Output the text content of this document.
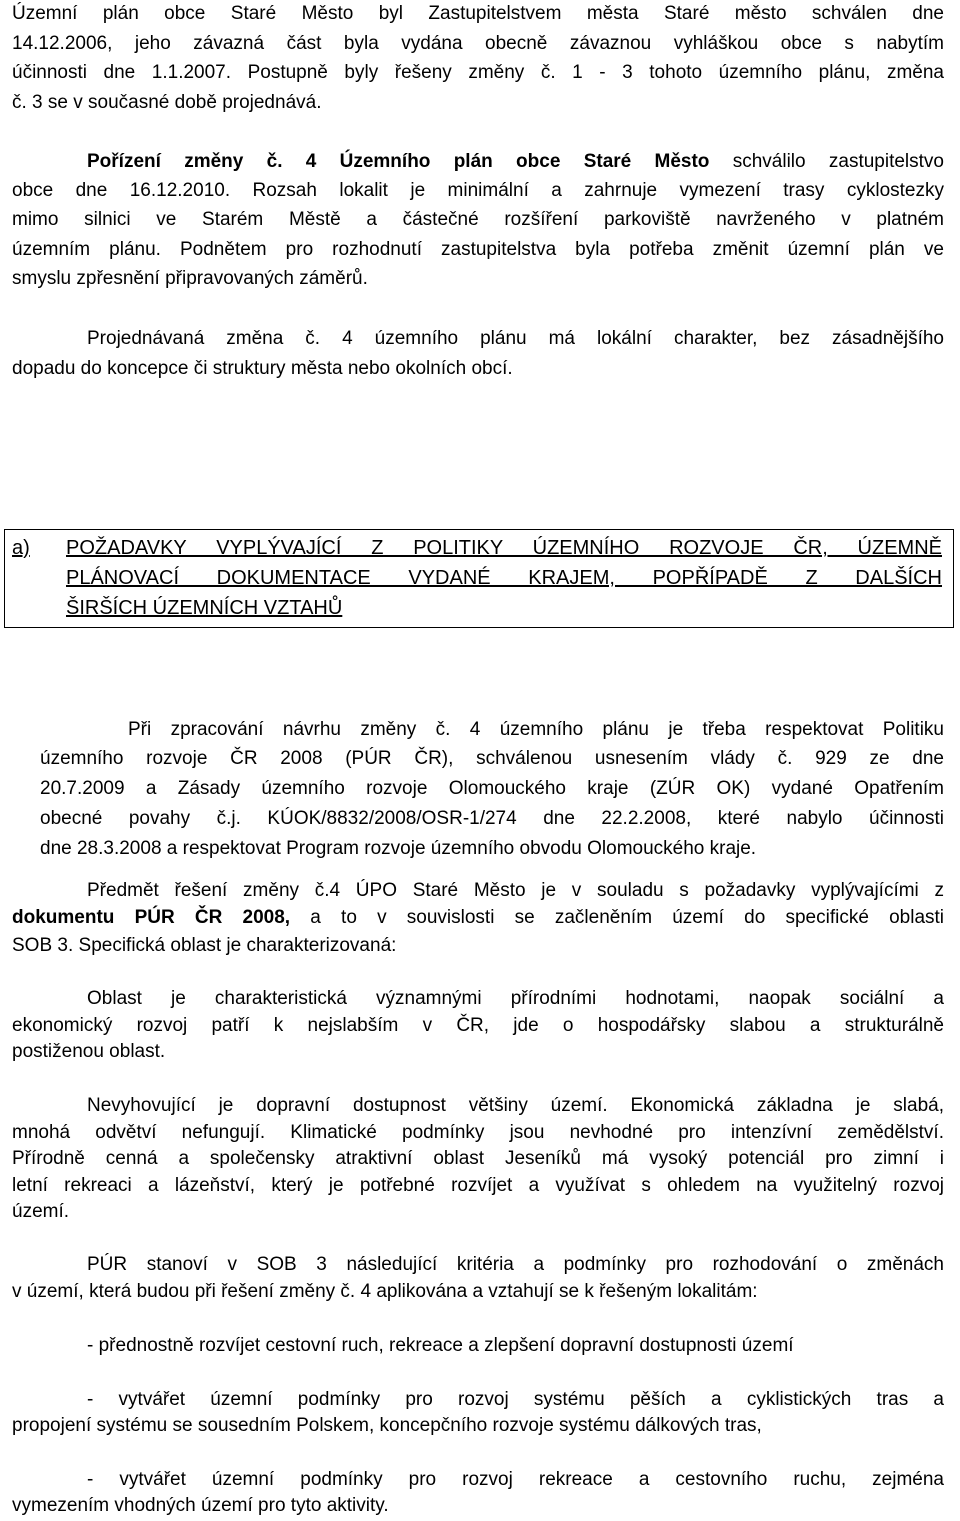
Územní plán obce Staré Město byl Zastupitelstvem města Staré město schválen dne
14.12.2006, jeho závazná část byla vydána obecně závaznou vyhláškou obce s nabytím
účinnosti dne 1.1.2007. Postupně byly řešeny změny č. 1 - 3 tohoto územního plánu, změna
č. 3 se v současné době projednává.
Pořízení změny č. 4 Územního plán obce Staré Město schválilo zastupitelstvo
obce dne 16.12.2010. Rozsah lokalit je minimální a zahrnuje vymezení trasy cyklostezky
mimo silnici ve Starém Městě a částečné rozšíření parkoviště navrženého v platném
územním plánu. Podnětem pro rozhodnutí zastupitelstva byla potřeba změnit územní plán ve
smyslu zpřesnění připravovaných záměrů.
Projednávaná změna č. 4 územního plánu má lokální charakter, bez zásadnějšího
dopadu do koncepce či struktury města nebo okolních obcí.
a) POŽADAVKY VYPLÝVAJÍCÍ Z POLITIKY ÚZEMNÍHO ROZVOJE ČR, ÚZEMNĚ
PLÁNOVACÍ DOKUMENTACE VYDANÉ KRAJEM, POPŘÍPADĚ Z DALŠÍCH
ŠIRŠÍCH ÚZEMNÍCH VZTAHŮ
Při zpracování návrhu změny č. 4 územního plánu je třeba respektovat Politiku
územního rozvoje ČR 2008 (PÚR ČR), schválenou usnesením vlády č. 929 ze dne
20.7.2009 a Zásady územního rozvoje Olomouckého kraje (ZÚR OK) vydané Opatřením
obecné povahy č.j. KÚOK/8832/2008/OSR-1/274 dne 22.2.2008, které nabylo účinnosti
dne 28.3.2008 a respektovat Program rozvoje územního obvodu Olomouckého kraje.
Předmět řešení změny č.4 ÚPO Staré Město je v souladu s požadavky vyplývajícími z
dokumentu PÚR ČR 2008, a to v souvislosti se začleněním území do specifické oblasti
SOB 3. Specifická oblast je charakterizovaná:
Oblast je charakteristická významnými přírodními hodnotami, naopak sociální a
ekonomický rozvoj patří k nejslabším v ČR, jde o hospodářsky slabou a strukturálně
postiženou oblast.
Nevyhovující je dopravní dostupnost většiny území. Ekonomická základna je slabá,
mnohá odvětví nefungují. Klimatické podmínky jsou nevhodné pro intenzívní zemědělství.
Přírodně cenná a společensky atraktivní oblast Jeseníků má vysoký potenciál pro zimní i
letní rekreaci a lázeňství, který je potřebné rozvíjet a využívat s ohledem na využitelný rozvoj
území.
PÚR stanoví v SOB 3 následující kritéria a podmínky pro rozhodování o změnách
v území, která budou při řešení změny č. 4 aplikována a vztahují se k řešeným lokalitám:
- přednostně rozvíjet cestovní ruch, rekreace a zlepšení dopravní dostupnosti území
- vytvářet územní podmínky pro rozvoj systému pěších a cyklistických tras a
propojení systému se sousedním Polskem, koncepčního rozvoje systému dálkových tras,
- vytvářet územní podmínky pro rozvoj rekreace a cestovního ruchu, zejména
vymezením vhodných území pro tyto aktivity.
